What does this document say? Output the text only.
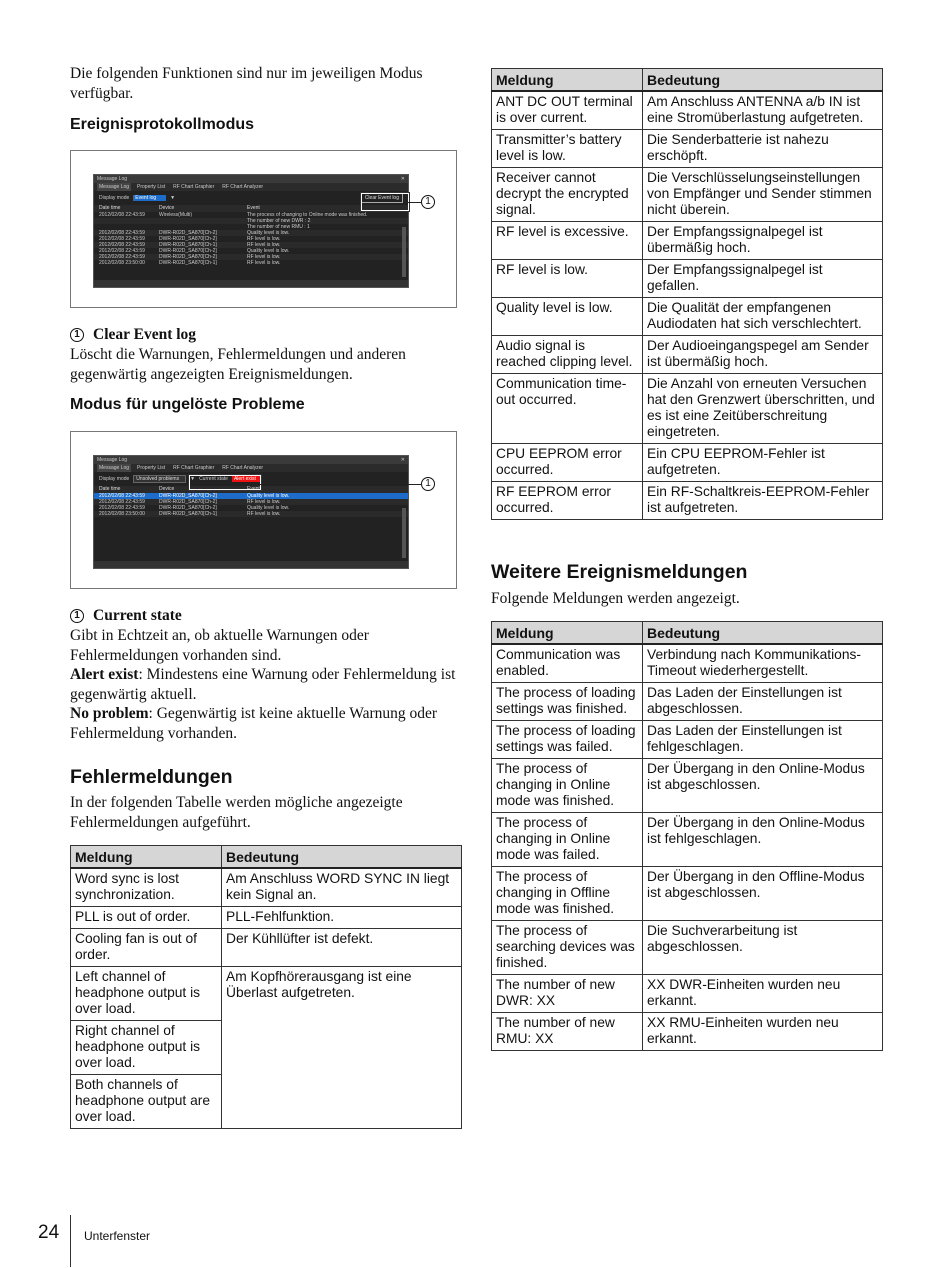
Die folgenden Funktionen sind nur im jeweiligen Modus verfügbar.

Ereignisprotokollmodus
Message Log	✕
Message Log	Property List	RF Chart Graphier	RF Chart Analyzer
Display mode	Event log	▼	Clear Event log
Date time	Device	Event
2012/02/08 22:43:59	Wireless(Multi)	The process of changing to Online mode was finished.
The number of new DWR : 2
The number of new RMU : 1
2012/02/08 22:43:59	DWR-R02D_SA870[Ch-2]	Quality level is low.
2012/02/08 22:43:59	DWR-R02D_SA870[Ch-2]	RF level is low.
2012/02/08 22:43:59	DWR-R02D_SA870[Ch-1]	RF level is low.
2012/02/08 22:43:59	DWR-R02D_SA870[Ch-2]	Quality level is low.
2012/02/08 22:43:59	DWR-R02D_SA870[Ch-2]	RF level is low.
2012/02/08 23:50:00	DWR-R02D_SA870[Ch-1]	RF level is low.
1
1 Clear Event log

Löscht die Warnungen, Fehlermeldungen und anderen gegenwärtig angezeigten Ereignismeldungen.

Modus für ungelöste Probleme
Message Log	✕
Message Log	Property List	RF Chart Graphier	RF Chart Analyzer
Display mode	Unsolved problems	▼ Current state	Alert exist
Date time	Device	Event
2012/02/08 22:43:59	DWR-R02D_SA870[Ch-2]	Quality level is low.
2012/02/08 22:43:59	DWR-R02D_SA870[Ch-2]	RF level is low.
2012/02/08 22:43:59	DWR-R02D_SA870[Ch-2]	Quality level is low.
2012/02/08 23:50:00	DWR-R02D_SA870[Ch-1]	RF level is low.
1
1 Current state

Gibt in Echtzeit an, ob aktuelle Warnungen oder Fehlermeldungen vorhanden sind.

Alert exist: Mindestens eine Warnung oder Fehlermeldung ist gegenwärtig aktuell.

No problem: Gegenwärtig ist keine aktuelle Warnung oder Fehlermeldung vorhanden.

Fehlermeldungen

In der folgenden Tabelle werden mögliche angezeigte Fehlermeldungen aufgeführt.

Meldung	Bedeutung
Word sync is lost synchronization.	Am Anschluss WORD SYNC IN liegt kein Signal an.
PLL is out of order.	PLL-Fehlfunktion.
Cooling fan is out of order.	Der Kühllüfter ist defekt.
Left channel of headphone output is over load.	Am Kopfhörerausgang ist eine Überlast aufgetreten.
Right channel of headphone output is over load.	
Both channels of headphone output are over load.	
Meldung	Bedeutung
ANT DC OUT terminal is over current.	Am Anschluss ANTENNA a/b IN ist eine Stromüberlastung aufgetreten.
Transmitter’s battery level is low.	Die Senderbatterie ist nahezu erschöpft.
Receiver cannot decrypt the encrypted signal.	Die Verschlüsselungseinstellungen von Empfänger und Sender stimmen nicht überein.
RF level is excessive.	Der Empfangssignalpegel ist übermäßig hoch.
RF level is low.	Der Empfangssignalpegel ist gefallen.
Quality level is low.	Die Qualität der empfangenen Audiodaten hat sich verschlechtert.
Audio signal is reached clipping level.	Der Audioeingangspegel am Sender ist übermäßig hoch.
Communication time-out occurred.	Die Anzahl von erneuten Versuchen hat den Grenzwert überschritten, und es ist eine Zeitüberschreitung eingetreten.
CPU EEPROM error occurred.	Ein CPU EEPROM-Fehler ist aufgetreten.
RF EEPROM error occurred.	Ein RF-Schaltkreis-EEPROM-Fehler ist aufgetreten.
Weitere Ereignismeldungen

Folgende Meldungen werden angezeigt.

Meldung	Bedeutung
Communication was enabled.	Verbindung nach Kommunikations-Timeout wiederhergestellt.
The process of loading settings was finished.	Das Laden der Einstellungen ist abgeschlossen.
The process of loading settings was failed.	Das Laden der Einstellungen ist fehlgeschlagen.
The process of changing in Online mode was finished.	Der Übergang in den Online-Modus ist abgeschlossen.
The process of changing in Online mode was failed.	Der Übergang in den Online-Modus ist fehlgeschlagen.
The process of changing in Offline mode was finished.	Der Übergang in den Offline-Modus ist abgeschlossen.
The process of searching devices was finished.	Die Suchverarbeitung ist abgeschlossen.
The number of new DWR: XX	XX DWR-Einheiten wurden neu erkannt.
The number of new RMU: XX	XX RMU-Einheiten wurden neu erkannt.
24 Unterfenster
